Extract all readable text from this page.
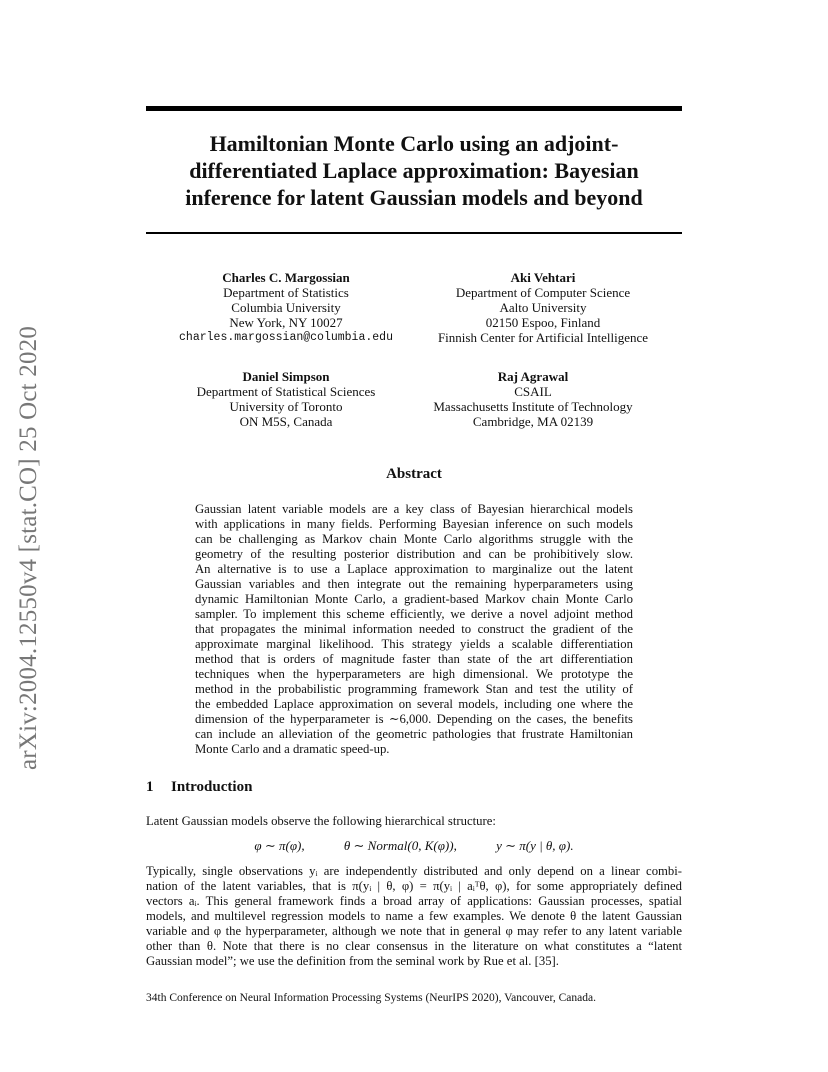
arXiv:2004.12550v4 [stat.CO] 25 Oct 2020
Hamiltonian Monte Carlo using an adjoint-
differentiated Laplace approximation: Bayesian
inference for latent Gaussian models and beyond
Charles C. Margossian
Department of Statistics
Columbia University
New York, NY 10027
charles.margossian@columbia.edu
Aki Vehtari
Department of Computer Science
Aalto University
02150 Espoo, Finland
Finnish Center for Artificial Intelligence
Daniel Simpson
Department of Statistical Sciences
University of Toronto
ON M5S, Canada
Raj Agrawal
CSAIL
Massachusetts Institute of Technology
Cambridge, MA 02139
Abstract
Gaussian latent variable models are a key class of Bayesian hierarchical models
with applications in many fields. Performing Bayesian inference on such models
can be challenging as Markov chain Monte Carlo algorithms struggle with the
geometry of the resulting posterior distribution and can be prohibitively slow.
An alternative is to use a Laplace approximation to marginalize out the latent
Gaussian variables and then integrate out the remaining hyperparameters using
dynamic Hamiltonian Monte Carlo, a gradient-based Markov chain Monte Carlo
sampler. To implement this scheme efficiently, we derive a novel adjoint method
that propagates the minimal information needed to construct the gradient of the
approximate marginal likelihood. This strategy yields a scalable differentiation
method that is orders of magnitude faster than state of the art differentiation
techniques when the hyperparameters are high dimensional. We prototype the
method in the probabilistic programming framework Stan and test the utility of
the embedded Laplace approximation on several models, including one where the
dimension of the hyperparameter is ∼6,000. Depending on the cases, the benefits
can include an alleviation of the geometric pathologies that frustrate Hamiltonian
Monte Carlo and a dramatic speed-up.
1 Introduction
Latent Gaussian models observe the following hierarchical structure:
φ ∼ π(φ),	θ ∼ Normal(0, K(φ)),	y ∼ π(y | θ, φ).
Typically, single observations yᵢ are independently distributed and only depend on a linear combi-
nation of the latent variables, that is π(yᵢ | θ, φ) = π(yᵢ | aᵢᵀθ, φ), for some appropriately defined
vectors aᵢ. This general framework finds a broad array of applications: Gaussian processes, spatial
models, and multilevel regression models to name a few examples. We denote θ the latent Gaussian
variable and φ the hyperparameter, although we note that in general φ may refer to any latent variable
other than θ. Note that there is no clear consensus in the literature on what constitutes a “latent
Gaussian model”; we use the definition from the seminal work by Rue et al. [35].
34th Conference on Neural Information Processing Systems (NeurIPS 2020), Vancouver, Canada.
